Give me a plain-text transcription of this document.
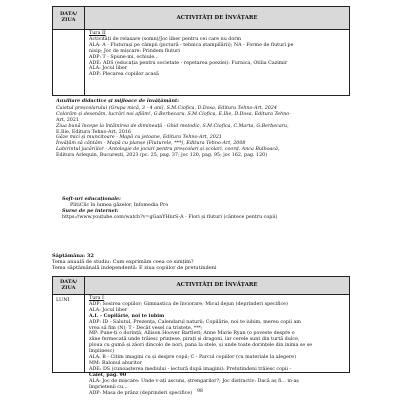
DATA/
ZIUA	ACTIVITĂȚI DE ÎNVĂȚARE
Tura II
Activități de relaxare (somn)/Joc liber pentru cei care nu dorm
ALA: A - Fluturași pe câmpii (pictură - tehnica ștampilării); NA - Forme de fluturi pe
nisip; Joc de mișcare: Prindem fluturi
ADP: T - Spune-mi, ochiule...
ADE: ADS (educația pentru societate - repetarea poeziei): Furnica, Otilia Cazimir
ALA: Jocul liber
ADP: Plecarea copiilor acasă
Auxiliare didactice și mijloace de învățământ:
Caietul preșcolarului (Grupa mică, 3 - 4 ani), S.M.Ciofica, D.Dosa, Editura Tehno-Art, 2024
Colorăm și desenăm, lucrări noi aflăm!, G.Berbecaru, S.M.Ciofica, E.Ilie, D.Dosa, Editura Tehno-
Art, 2021
Ziua bună începe la întâlnirea de dimineață - Ghid metodic, S.M.Ciofica, C.Marta, G.Berbecaru,
E.Ilie, Editura Tehno-Art, 2016
Gâze mici și muncitoare - Mapă cu jetoane, Editura Tehno-Art, 2021
Învățăm să cântăm - Mapă cu planșe (Fluturele, ***), Editura Tehno-Art, 2008
Labirintul jucăriilor - Antologie de jocuri pentru preșcolari și școlari, coord. Anca Bulboacă,
Editura Arlequin, București, 2023 (pc. 25, pag. 37; joc 120, pag. 95; joc 162, pag. 120)
Soft-uri educaționale:
PlitiClic în lumea gâzelor, Infomedia Pro
Surse de pe internet:
https://www.youtube.com/watch?v=gGanYHnrS-A - Flori și fluturi (cântece pentru copii)
Săptămâna: 32
Tema anuală de studiu: Cum exprimăm ceea ce simțim?
Tema săptămânală independentă: E ziua copiilor de pretutindeni
DATA/
ZIUA	ACTIVITĂȚI DE ÎNVĂȚARE
LUNI	Tura I
ADP: Sosirea copiilor; Gimnastica de înviorare; Micul dejun (deprinderi specifice)
ALA: Jocul liber
A.I. - Copilărie, noi te iubim
ADP: ID - Salutul, Prezența, Calendarul naturii; Copilărie, noi te iubim, mereu copii am
vrea să fim (N); T - Decât vesel ca tristețe, ***;
MP: Pune-ți o dorință, Allison Hoover Bartlett; Anne Marie Ryan (o poveste despre o
zâne fermecată unde trăiesc prințese, pirați și dragoni, iar cerele sunt din turtă dulce,
ploua cu gumă și zăori dincolo de nori, pana la stele, și unde toate dorințele din inima se se
împlinesc)
ALA: B - Citim imagini cu și despre copii; C - Parcul copiilor (cu materiale la alegere)
MM: Balonul aburitor
ADE: DS (cunoașterea mediului - lectură după imagini): Pretutindeni trăiesc copii -
Caiet, pag. 90
ALA: Joc de mișcare: Unde v-ați ascuns, ștrengarilor?; Joc distractiv: Dacă aș fi... m-aș
împrietenii cu...
ADP: Masa de prânz (deprinderi specifice)	98
